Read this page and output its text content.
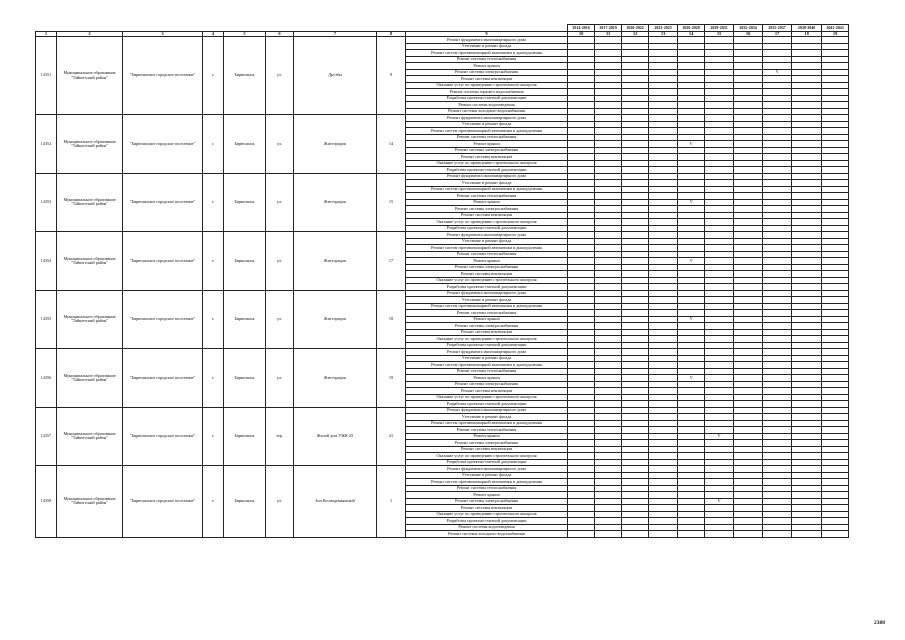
									2014-2016	2017-2019	2020-2022	2023-2025	2026-2028	2029-2031	2032-2034	2035-2037	2038-2040	2041-2043
1	2	3	4	5	6	7	8	9	10	11	12	13	14	15	16	17	18	19
14351	Муниципальное образование "Тайшетский район"	"Бирюсинское городское поселение"	г.	Бирюсинск	ул.	Друзбы	9	Ремонт фундамента многоквартирного дома										
								Утепление и ремонт фасада										
								Ремонт систем противопожарной автоматики и дымоудаления										
								Ремонт системы теплоснабжения										
								Ремонт крыши										
								Ремонт системы электроснабжения								V		
								Ремонт системы вентиляции										
								Оказание услуг по проведению строительного контроля										
								Ремонт системы горячего водоснабжения										
								Разработка проектно-сметной документации										
								Ремонт системы водоотведения										
								Ремонт системы холодного водоснабжения										
14352	Муниципальное образование "Тайшетский район"	"Бирюсинское городское поселение"	г.	Бирюсинск	ул.	Житторидок	14	Ремонт фундамента многоквартирного дома										
								Утепление и ремонт фасада										
								Ремонт систем противопожарной автоматики и дымоудаления										
								Ремонт системы теплоснабжения										
								Ремонт крыши					V					
								Ремонт системы электроснабжения										
								Ремонт системы вентиляции										
								Оказание услуг по проведению строительного контроля										
								Разработка проектно-сметной документации										
14353	Муниципальное образование "Тайшетский район"	"Бирюсинское городское поселение"	г.	Бирюсинск	ул.	Житторидок	15	Ремонт фундамента многоквартирного дома										
								Утепление и ремонт фасада										
								Ремонт систем противопожарной автоматики и дымоудаления										
								Ремонт системы теплоснабжения										
								Ремонт крыши					V					
								Ремонт системы электроснабжения										
								Ремонт системы вентиляции										
								Оказание услуг по проведению строительного контроля										
								Разработка проектно-сметной документации										
14354	Муниципальное образование "Тайшетский район"	"Бирюсинское городское поселение"	г.	Бирюсинск	ул.	Житторидок	17	Ремонт фундамента многоквартирного дома										
								Утепление и ремонт фасада										
								Ремонт систем противопожарной автоматики и дымоудаления										
								Ремонт системы теплоснабжения										
								Ремонт крыши					V					
								Ремонт системы электроснабжения										
								Ремонт системы вентиляции										
								Оказание услуг по проведению строительного контроля										
								Разработка проектно-сметной документации										
14355	Муниципальное образование "Тайшетский район"	"Бирюсинское городское поселение"	г.	Бирюсинск	ул.	Житторидок	18	Ремонт фундамента многоквартирного дома										
								Утепление и ремонт фасада										
								Ремонт систем противопожарной автоматики и дымоудаления										
								Ремонт системы теплоснабжения										
								Ремонт крыши					V					
								Ремонт системы электроснабжения										
								Ремонт системы вентиляции										
								Оказание услуг по проведению строительного контроля										
								Разработка проектно-сметной документации										
14356	Муниципальное образование "Тайшетский район"	"Бирюсинское городское поселение"	г.	Бирюсинск	ул.	Житторидок	19	Ремонт фундамента многоквартирного дома										
								Утепление и ремонт фасада										
								Ремонт систем противопожарной автоматики и дымоудаления										
								Ремонт системы теплоснабжения										
								Ремонт крыши					V					
								Ремонт системы электроснабжения										
								Ремонт системы вентиляции										
								Оказание услуг по проведению строительного контроля										
								Разработка проектно-сметной документации										
14357	Муниципальное образование "Тайшетский район"	"Бирюсинское городское поселение"	г.	Бирюсинск	тер.	Жилой дом УЖК-25	41	Ремонт фундамента многоквартирного дома										
								Утепление и ремонт фасада										
								Ремонт систем противопожарной автоматики и дымоудаления										
								Ремонт системы теплоснабжения										
								Ремонт крыши						V				
								Ремонт системы электроснабжения										
								Ремонт системы вентиляции										
								Оказание услуг по проведению строительного контроля										
								Разработка проектно-сметной документации										
14358	Муниципальное образование "Тайшетский район"	"Бирюсинское городское поселение"	г.	Бирюсинск	ул.	Зои Космодемьянской	1	Ремонт фундамента многоквартирного дома										
								Утепление и ремонт фасада										
								Ремонт систем противопожарной автоматики и дымоудаления										
								Ремонт системы теплоснабжения										
								Ремонт крыши										
								Ремонт системы электроснабжения						V				
								Ремонт системы вентиляции										
								Оказание услуг по проведению строительного контроля										
								Разработка проектно-сметной документации										
								Ремонт системы водоотведения										
								Ремонт системы холодного водоснабжения										
2388
